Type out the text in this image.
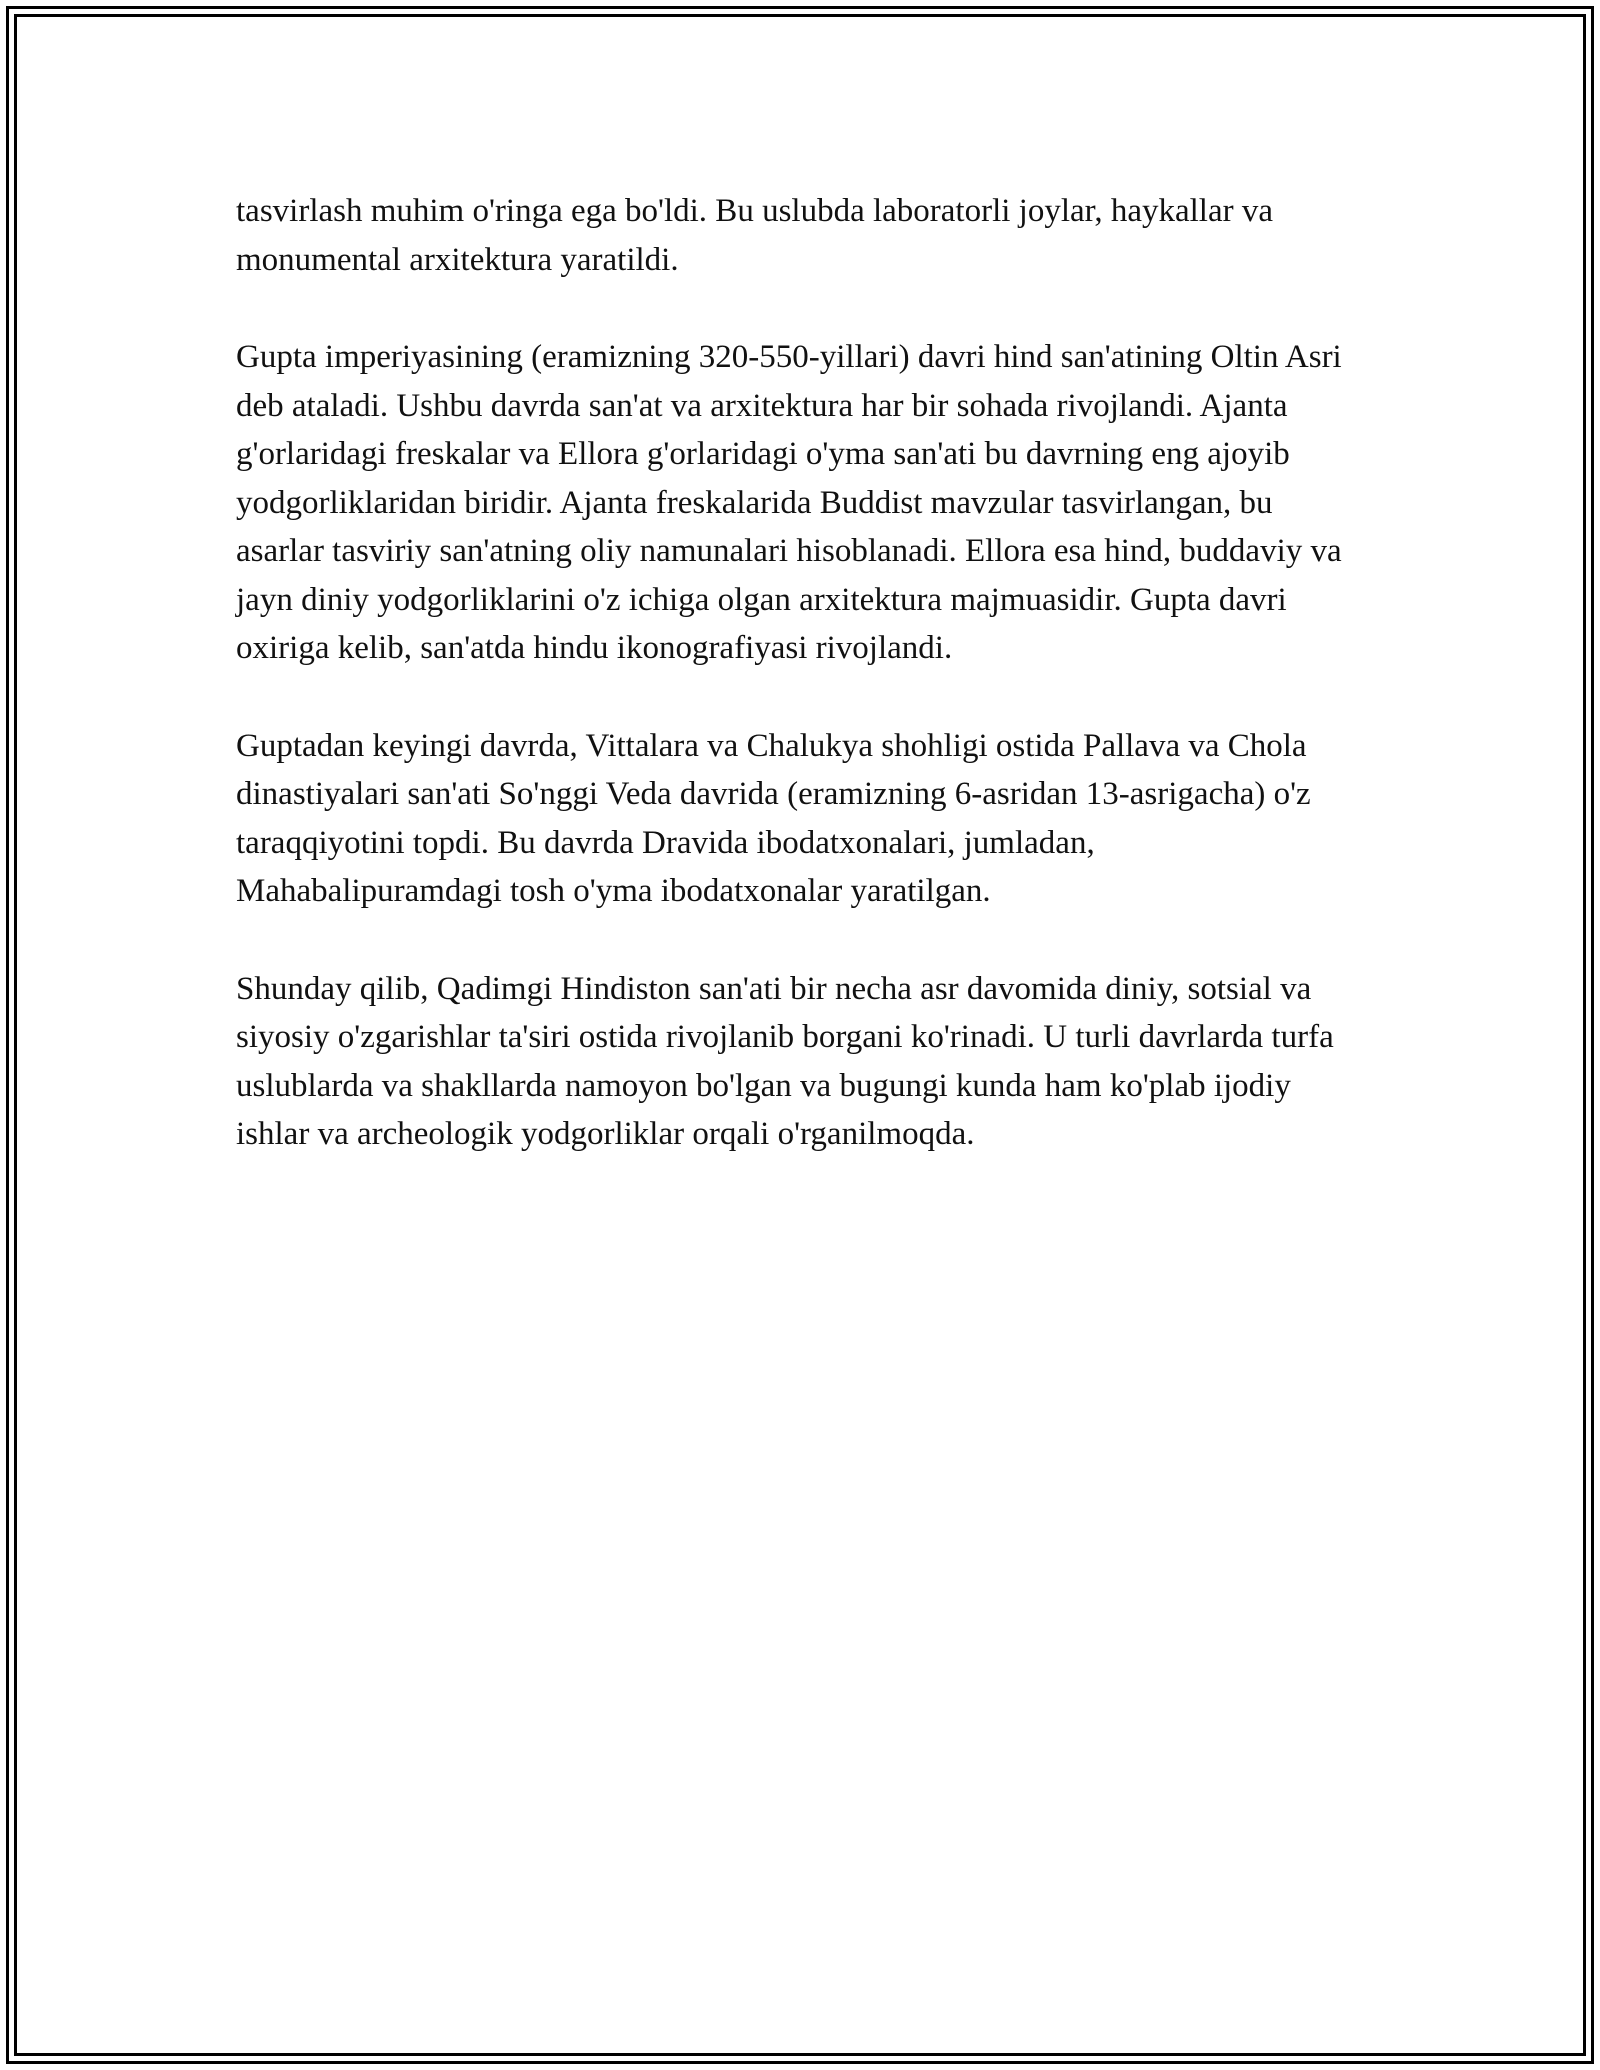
tasvirlash muhim o'ringa ega bo'ldi. Bu uslubda laboratorli joylar, haykallar va monumental arxitektura yaratildi.

Gupta imperiyasining (eramizning 320-550-yillari) davri hind san'atining Oltin Asri deb ataladi. Ushbu davrda san'at va arxitektura har bir sohada rivojlandi. Ajanta g'orlaridagi freskalar va Ellora g'orlaridagi o'yma san'ati bu davrning eng ajoyib yodgorliklaridan biridir. Ajanta freskalarida Buddist mavzular tasvirlangan, bu asarlar tasviriy san'atning oliy namunalari hisoblanadi. Ellora esa hind, buddaviy va jayn diniy yodgorliklarini o'z ichiga olgan arxitektura majmuasidir. Gupta davri oxiriga kelib, san'atda hindu ikonografiyasi rivojlandi.

Guptadan keyingi davrda, Vittalara va Chalukya shohligi ostida Pallava va Chola dinastiyalari san'ati So'nggi Veda davrida (eramizning 6-asridan 13-asrigacha) o'z taraqqiyotini topdi. Bu davrda Dravida ibodatxonalari, jumladan, Mahabalipuramdagi tosh o'yma ibodatxonalar yaratilgan.

Shunday qilib, Qadimgi Hindiston san'ati bir necha asr davomida diniy, sotsial va siyosiy o'zgarishlar ta'siri ostida rivojlanib borgani ko'rinadi. U turli davrlarda turfa uslublarda va shakllarda namoyon bo'lgan va bugungi kunda ham ko'plab ijodiy ishlar va archeologik yodgorliklar orqali o'rganilmoqda.
